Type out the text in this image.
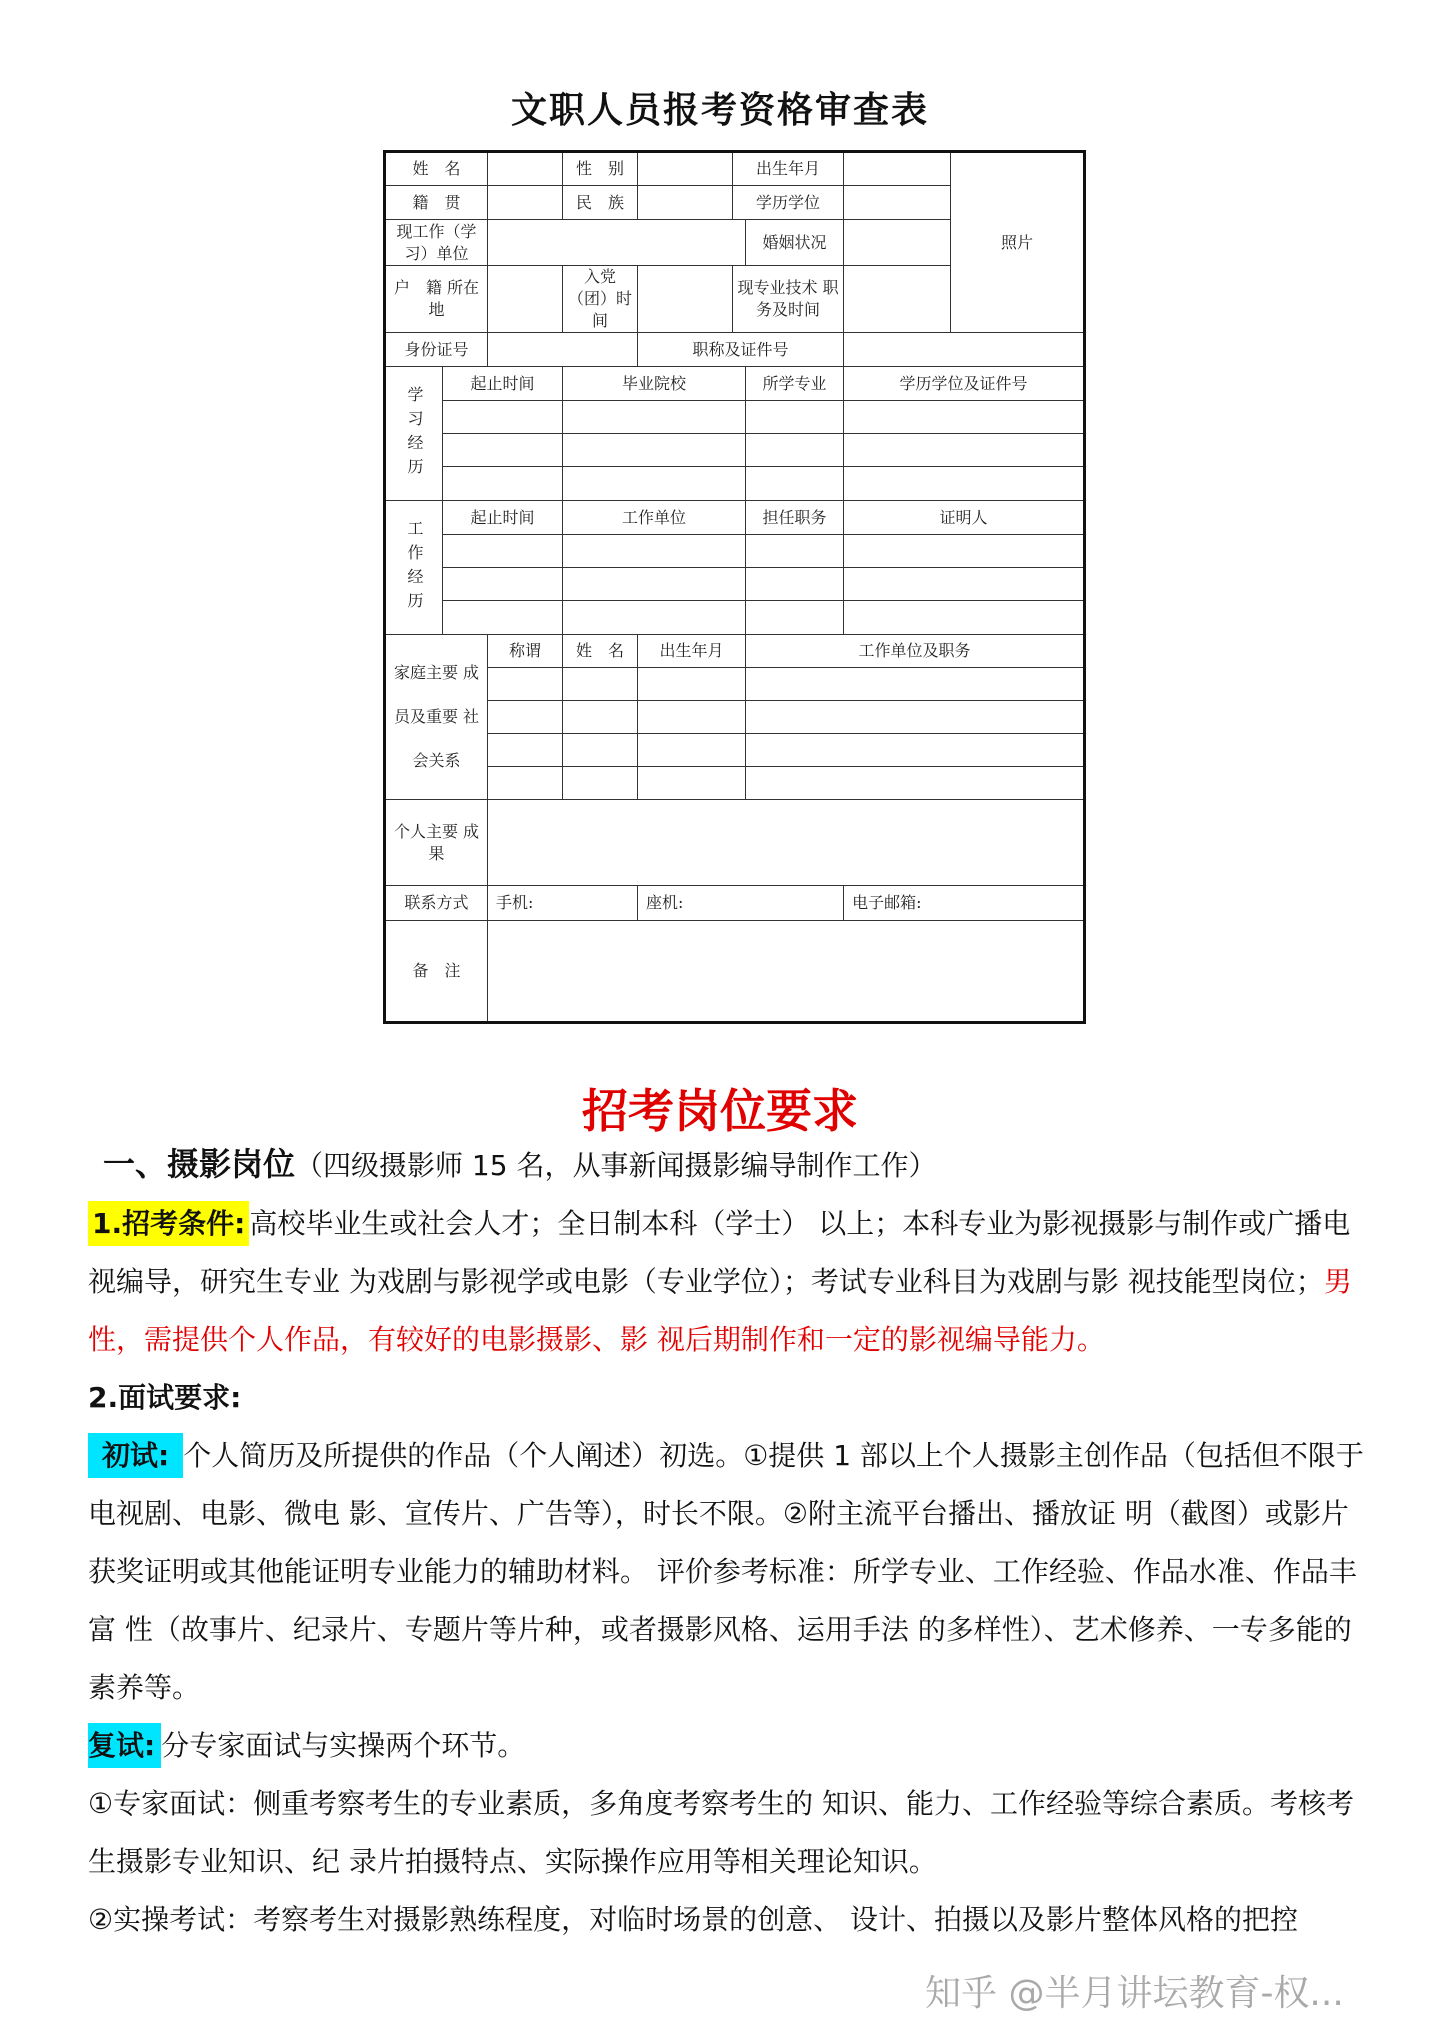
文职人员报考资格审查表
姓　名			性　别		出生年月			照片
籍　贯			民　族		学历学位			
现工作（学习）单位						婚姻状况		
户　籍 所在地			入党（团）时　间		现专业技术 职务及时间			
身份证号				职称及证件号				

学习经历	起止时间		毕业院校			所学专业	学历学位及证件号	

工作经历	起止时间		工作单位			担任职务	证明人	

家庭主要 成员及重要 社会关系		称谓	姓　名	出生年月		工作单位及职务		

个人主要 成　果								
联系方式		手机:		座机:			电子邮箱:	
备　注								
招考岗位要求

一、摄影岗位（四级摄影师 15 名，从事新闻摄影编导制作工作）

1.招考条件: 高校毕业生或社会人才；全日制本科（学士） 以上；本科专业为影视摄影与制作或广播电视编导，研究生专业 为戏剧与影视学或电影（专业学位）；考试专业科目为戏剧与影 视技能型岗位；男性，需提供个人作品，有较好的电影摄影、影 视后期制作和一定的影视编导能力。

2.面试要求:

初试: 个人简历及所提供的作品（个人阐述）初选。①提供 1 部以上个人摄影主创作品（包括但不限于电视剧、电影、微电 影、宣传片、广告等），时长不限。②附主流平台播出、播放证 明（截图）或影片获奖证明或其他能证明专业能力的辅助材料。 评价参考标准：所学专业、工作经验、作品水准、作品丰富 性（故事片、纪录片、专题片等片种，或者摄影风格、运用手法 的多样性）、艺术修养、一专多能的素养等。

复试: 分专家面试与实操两个环节。

①专家面试：侧重考察考生的专业素质，多角度考察考生的 知识、能力、工作经验等综合素质。考核考生摄影专业知识、纪 录片拍摄特点、实际操作应用等相关理论知识。

②实操考试：考察考生对摄影熟练程度，对临时场景的创意、 设计、拍摄以及影片整体风格的把控

知乎 @半月讲坛教育-权...
